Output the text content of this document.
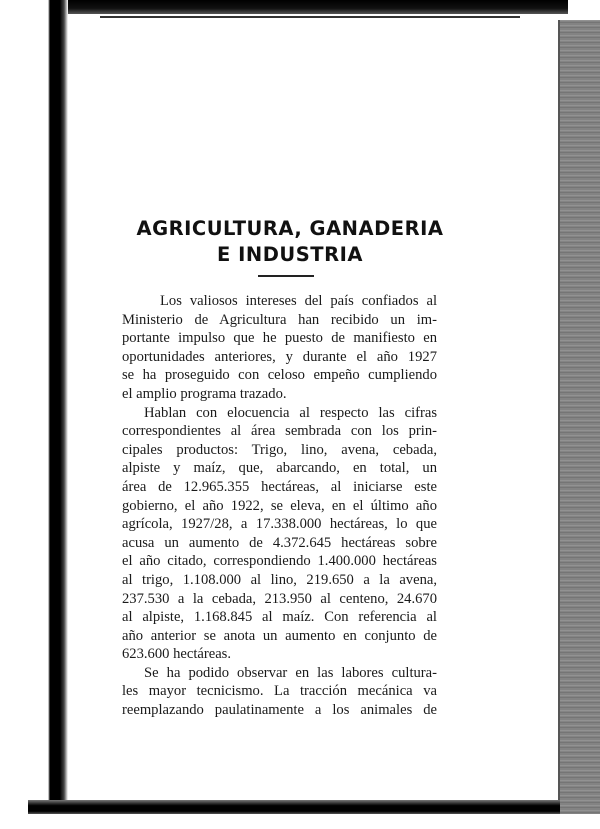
AGRICULTURA, GANADERIA
E INDUSTRIA
Los valiosos intereses del país confiados al
Ministerio de Agricultura han recibido un im-
portante impulso que he puesto de manifiesto en
oportunidades anteriores, y durante el año 1927
se ha proseguido con celoso empeño cumpliendo
el amplio programa trazado.
Hablan con elocuencia al respecto las cifras
correspondientes al área sembrada con los prin-
cipales productos: Trigo, lino, avena, cebada,
alpiste y maíz, que, abarcando, en total, un
área de 12.965.355 hectáreas, al iniciarse este
gobierno, el año 1922, se eleva, en el último año
agrícola, 1927/28, a 17.338.000 hectáreas, lo que
acusa un aumento de 4.372.645 hectáreas sobre
el año citado, correspondiendo 1.400.000 hectáreas
al trigo, 1.108.000 al lino, 219.650 a la avena,
237.530 a la cebada, 213.950 al centeno, 24.670
al alpiste, 1.168.845 al maíz. Con referencia al
año anterior se anota un aumento en conjunto de
623.600 hectáreas.
Se ha podido observar en las labores cultura-
les mayor tecnicismo. La tracción mecánica va
reemplazando paulatinamente a los animales de
